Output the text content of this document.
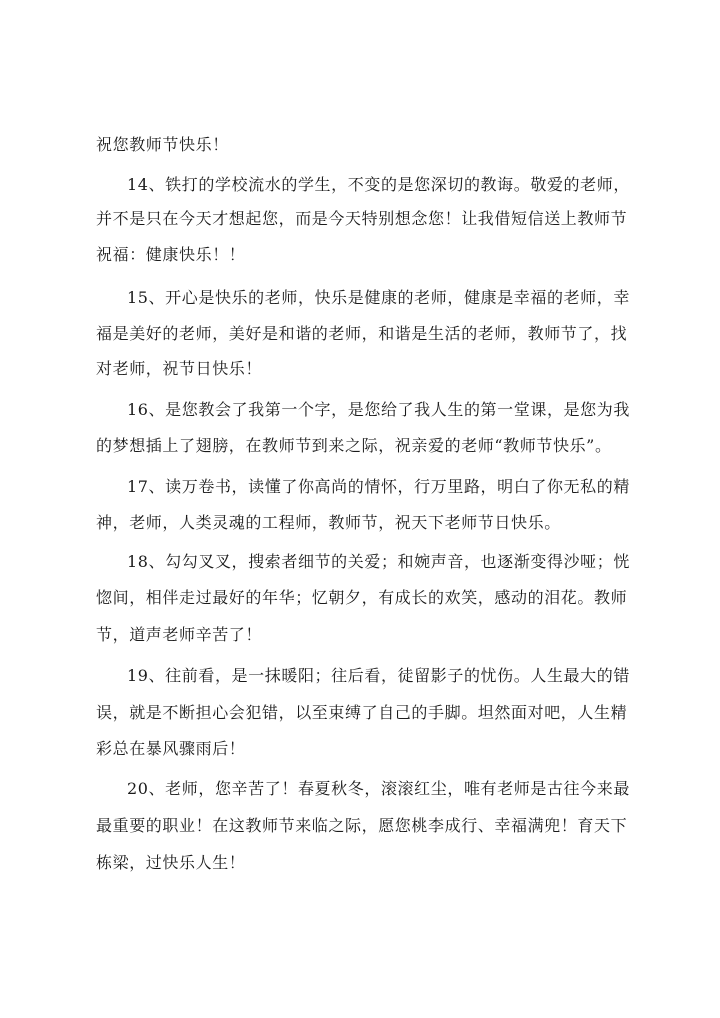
祝您教师节快乐！
14、铁打的学校流水的学生，不变的是您深切的教诲。敬爱的老师，
并不是只在今天才想起您，而是今天特别想念您！让我借短信送上教师节
祝福：健康快乐！！
15、开心是快乐的老师，快乐是健康的老师，健康是幸福的老师，幸
福是美好的老师，美好是和谐的老师，和谐是生活的老师，教师节了，找
对老师，祝节日快乐！
16、是您教会了我第一个字，是您给了我人生的第一堂课，是您为我
的梦想插上了翅膀，在教师节到来之际，祝亲爱的老师“教师节快乐”。
17、读万卷书，读懂了你高尚的情怀，行万里路，明白了你无私的精
神，老师，人类灵魂的工程师，教师节，祝天下老师节日快乐。
18、勾勾叉叉，搜索者细节的关爱；和婉声音，也逐渐变得沙哑；恍
惚间，相伴走过最好的年华；忆朝夕，有成长的欢笑，感动的泪花。教师
节，道声老师辛苦了！
19、往前看，是一抹暖阳；往后看，徒留影子的忧伤。人生最大的错
误，就是不断担心会犯错，以至束缚了自己的手脚。坦然面对吧，人生精
彩总在暴风骤雨后！
20、老师，您辛苦了！春夏秋冬，滚滚红尘，唯有老师是古往今来最
最重要的职业！在这教师节来临之际，愿您桃李成行、幸福满兜！育天下
栋梁，过快乐人生！
